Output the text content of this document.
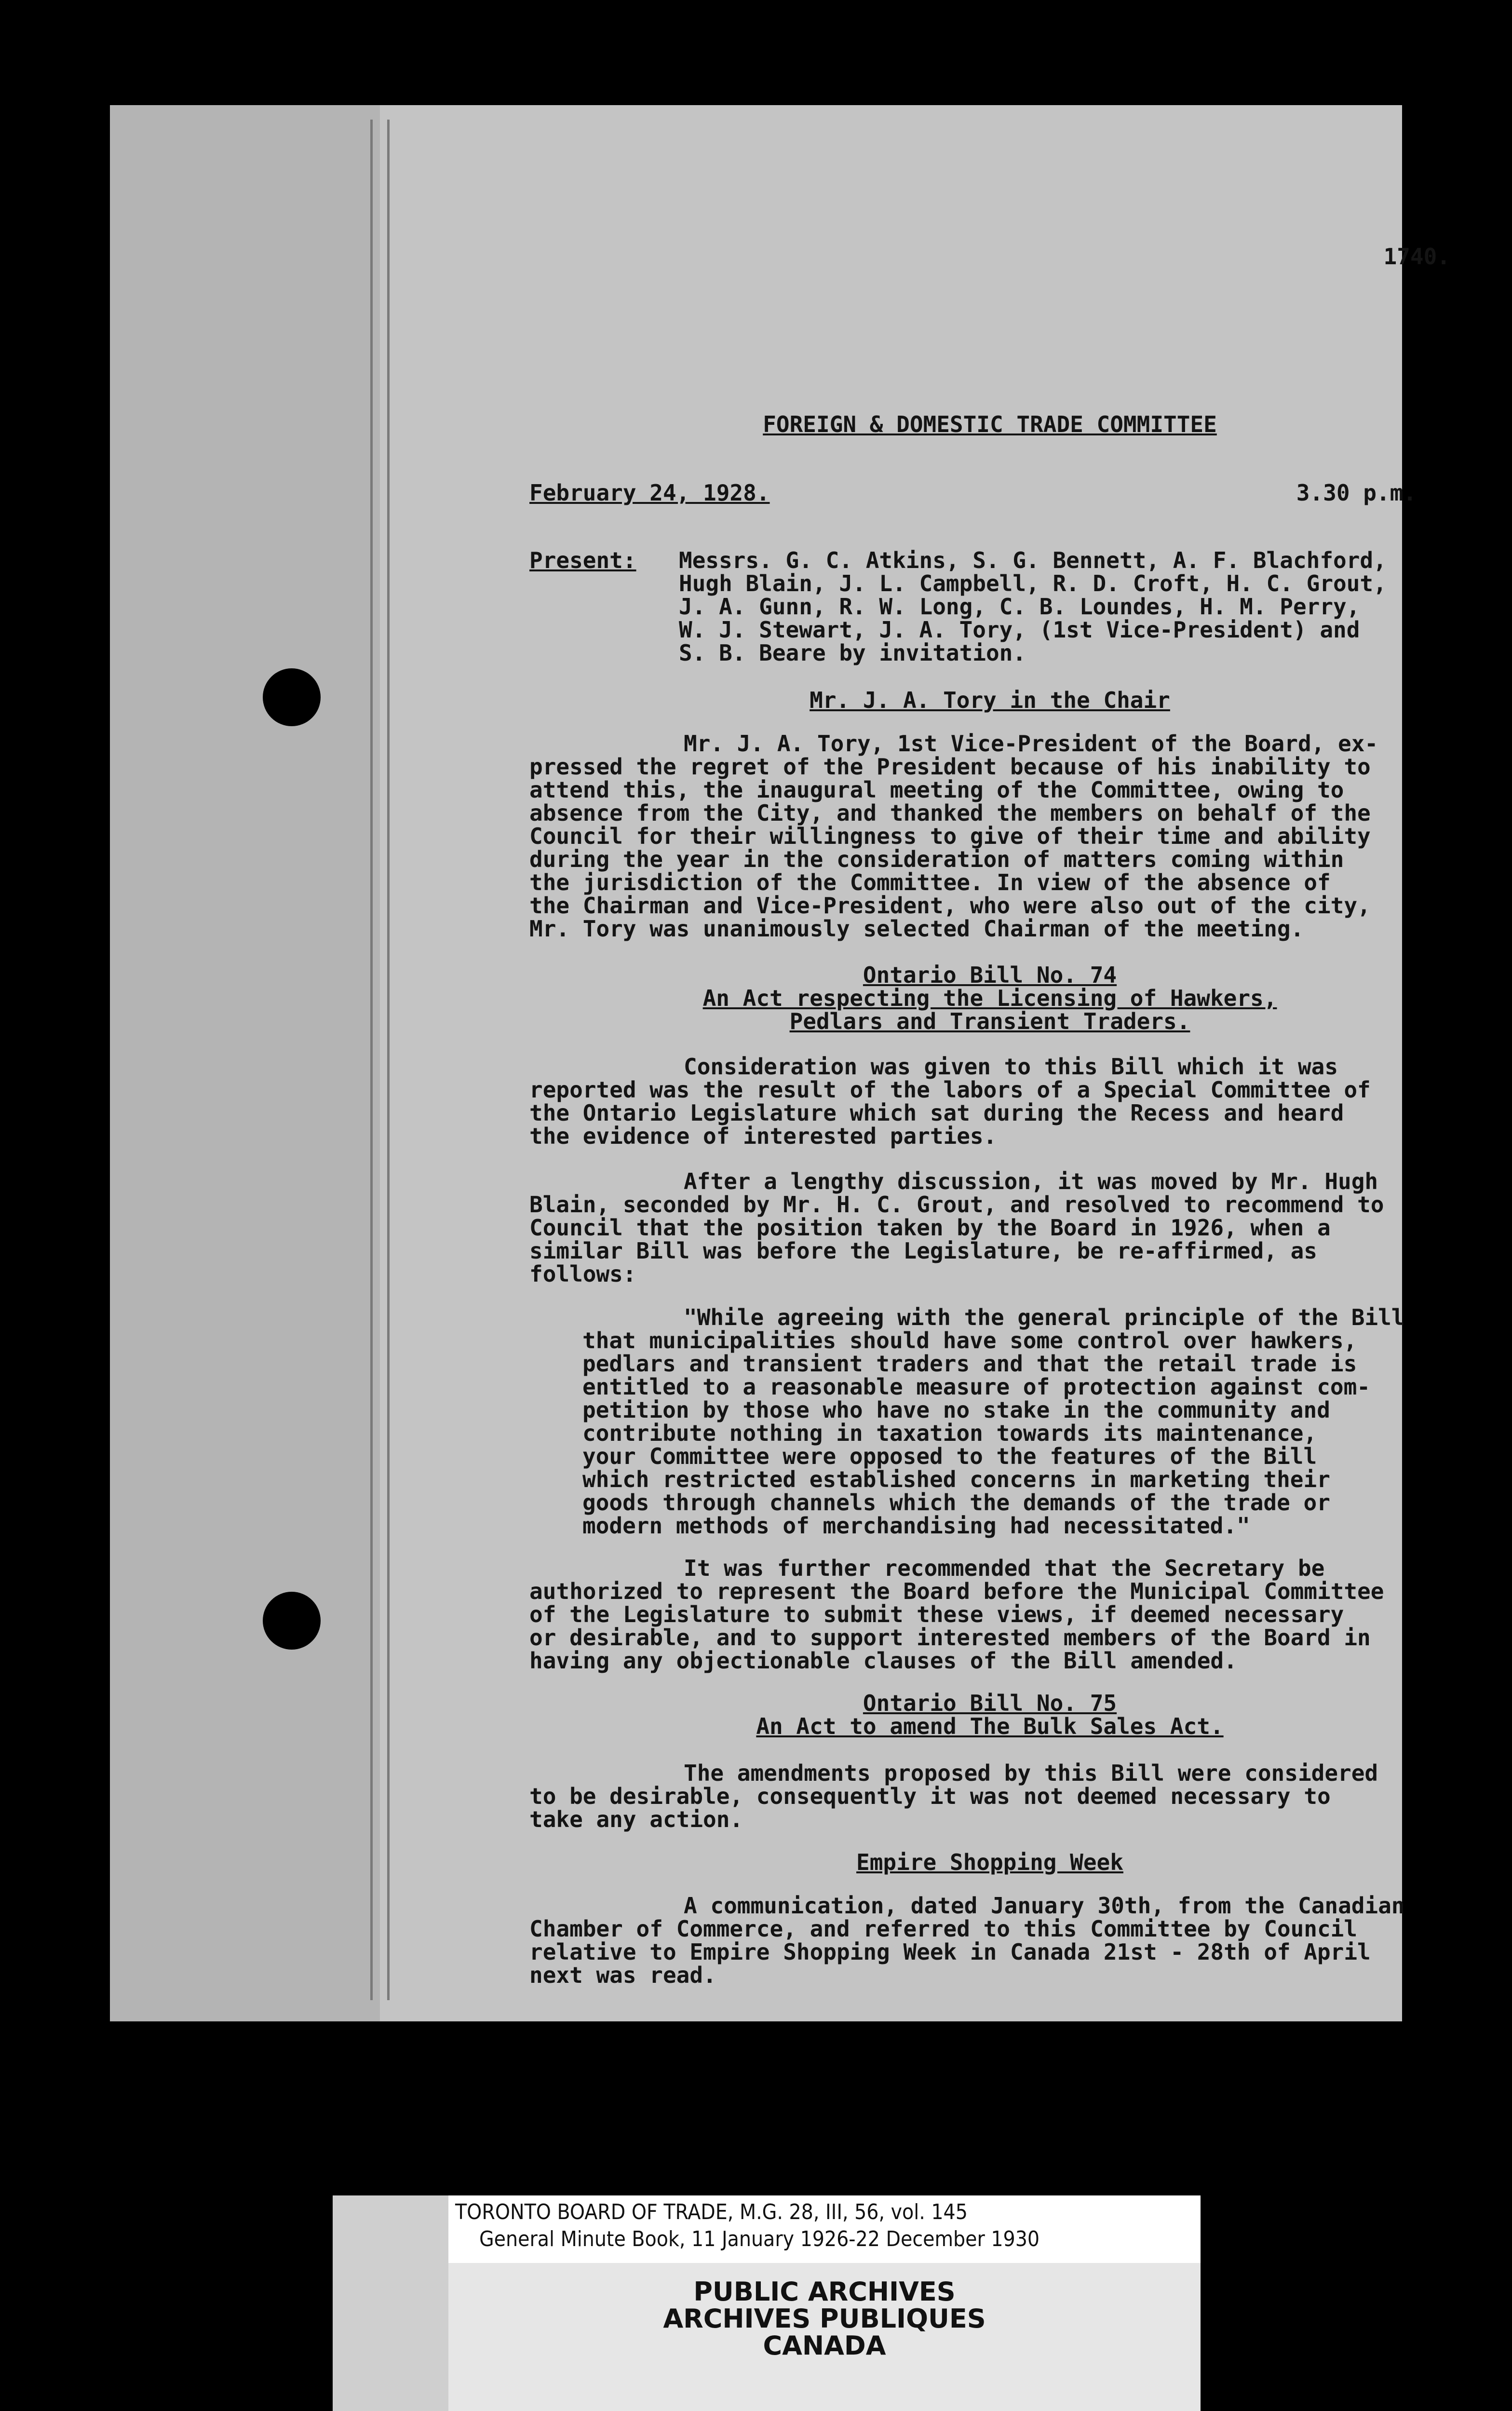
1740.
FOREIGN & DOMESTIC TRADE COMMITTEE
February 24, 1928.	3.30 p.m.
Present: Messrs. G. C. Atkins, S. G. Bennett, A. F. Blachford,
Hugh Blain, J. L. Campbell, R. D. Croft, H. C. Grout,
J. A. Gunn, R. W. Long, C. B. Loundes, H. M. Perry,
W. J. Stewart, J. A. Tory, (1st Vice-President) and
S. B. Beare by invitation.
Mr. J. A. Tory in the Chair
Mr. J. A. Tory, 1st Vice-President of the Board, ex-
pressed the regret of the President because of his inability to
attend this, the inaugural meeting of the Committee, owing to
absence from the City, and thanked the members on behalf of the
Council for their willingness to give of their time and ability
during the year in the consideration of matters coming within
the jurisdiction of the Committee. In view of the absence of
the Chairman and Vice-President, who were also out of the city,
Mr. Tory was unanimously selected Chairman of the meeting.
Ontario Bill No. 74
An Act respecting the Licensing of Hawkers,
Pedlars and Transient Traders.
Consideration was given to this Bill which it was
reported was the result of the labors of a Special Committee of
the Ontario Legislature which sat during the Recess and heard
the evidence of interested parties.
After a lengthy discussion, it was moved by Mr. Hugh
Blain, seconded by Mr. H. C. Grout, and resolved to recommend to
Council that the position taken by the Board in 1926, when a
similar Bill was before the Legislature, be re-affirmed, as
follows:
"While agreeing with the general principle of the Bill
that municipalities should have some control over hawkers,
pedlars and transient traders and that the retail trade is
entitled to a reasonable measure of protection against com-
petition by those who have no stake in the community and
contribute nothing in taxation towards its maintenance,
your Committee were opposed to the features of the Bill
which restricted established concerns in marketing their
goods through channels which the demands of the trade or
modern methods of merchandising had necessitated."
It was further recommended that the Secretary be
authorized to represent the Board before the Municipal Committee
of the Legislature to submit these views, if deemed necessary
or desirable, and to support interested members of the Board in
having any objectionable clauses of the Bill amended.
Ontario Bill No. 75
An Act to amend The Bulk Sales Act.
The amendments proposed by this Bill were considered
to be desirable, consequently it was not deemed necessary to
take any action.
Empire Shopping Week
A communication, dated January 30th, from the Canadian
Chamber of Commerce, and referred to this Committee by Council
relative to Empire Shopping Week in Canada 21st - 28th of April
next was read.
TORONTO BOARD OF TRADE, M.G. 28, III, 56, vol. 145
General Minute Book, 11 January 1926-22 December 1930
PUBLIC ARCHIVES
ARCHIVES PUBLIQUES
CANADA
